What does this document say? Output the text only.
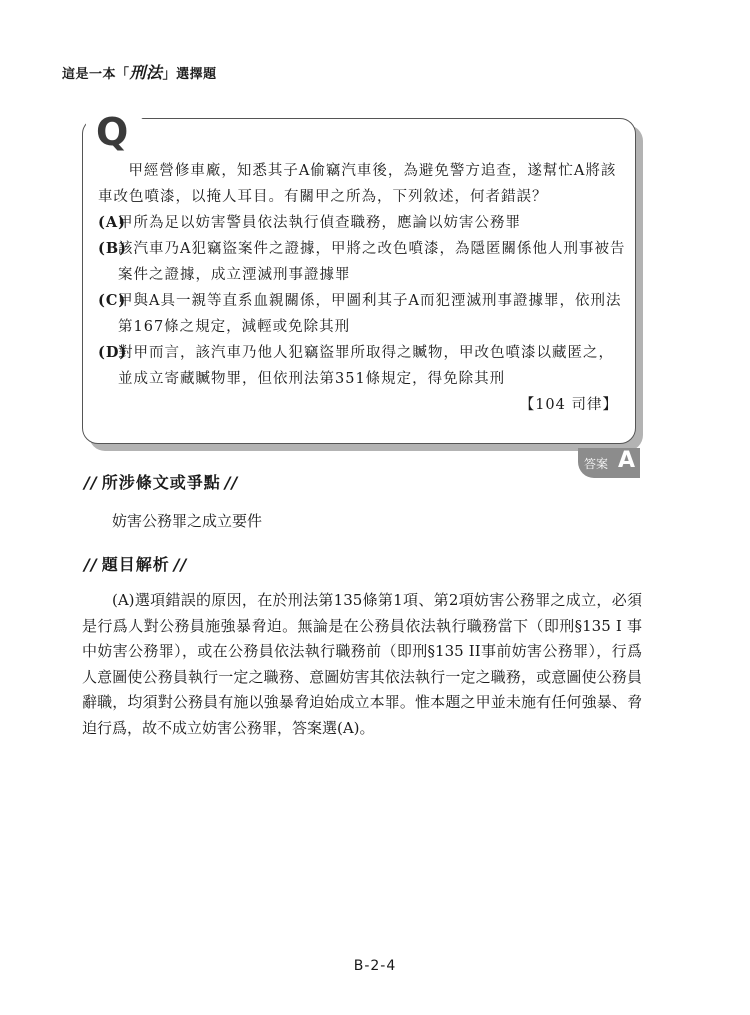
這是一本「刑法」選擇題
Q

甲經營修車廠，知悉其子A偷竊汽車後，為避免警方追查，遂幫忙A將該車改色噴漆，以掩人耳目。有關甲之所為，下列敘述，何者錯誤？

(A)
甲所為足以妨害警員依法執行偵查職務，應論以妨害公務罪

(B)
該汽車乃A犯竊盜案件之證據，甲將之改色噴漆，為隱匿關係他人刑事被告案件之證據，成立湮滅刑事證據罪

(C)
甲與A具一親等直系血親關係，甲圖利其子A而犯湮滅刑事證據罪，依刑法第167條之規定，減輕或免除其刑

(D)
對甲而言，該汽車乃他人犯竊盜罪所取得之贓物，甲改色噴漆以藏匿之，並成立寄藏贓物罪，但依刑法第351條規定，得免除其刑

【104 司律】

答案 A
// 所涉條文或爭點 //
妨害公務罪之成立要件
// 題目解析 //

(A)選項錯誤的原因，在於刑法第135條第1項、第2項妨害公務罪之成立，必須是行爲人對公務員施強暴脅迫。無論是在公務員依法執行職務當下（即刑§135 I 事中妨害公務罪），或在公務員依法執行職務前（即刑§135 II事前妨害公務罪），行爲人意圖使公務員執行一定之職務、意圖妨害其依法執行一定之職務，或意圖使公務員辭職，均須對公務員有施以強暴脅迫始成立本罪。惟本題之甲並未施有任何強暴、脅迫行爲，故不成立妨害公務罪，答案選(A)。

B-2-4
